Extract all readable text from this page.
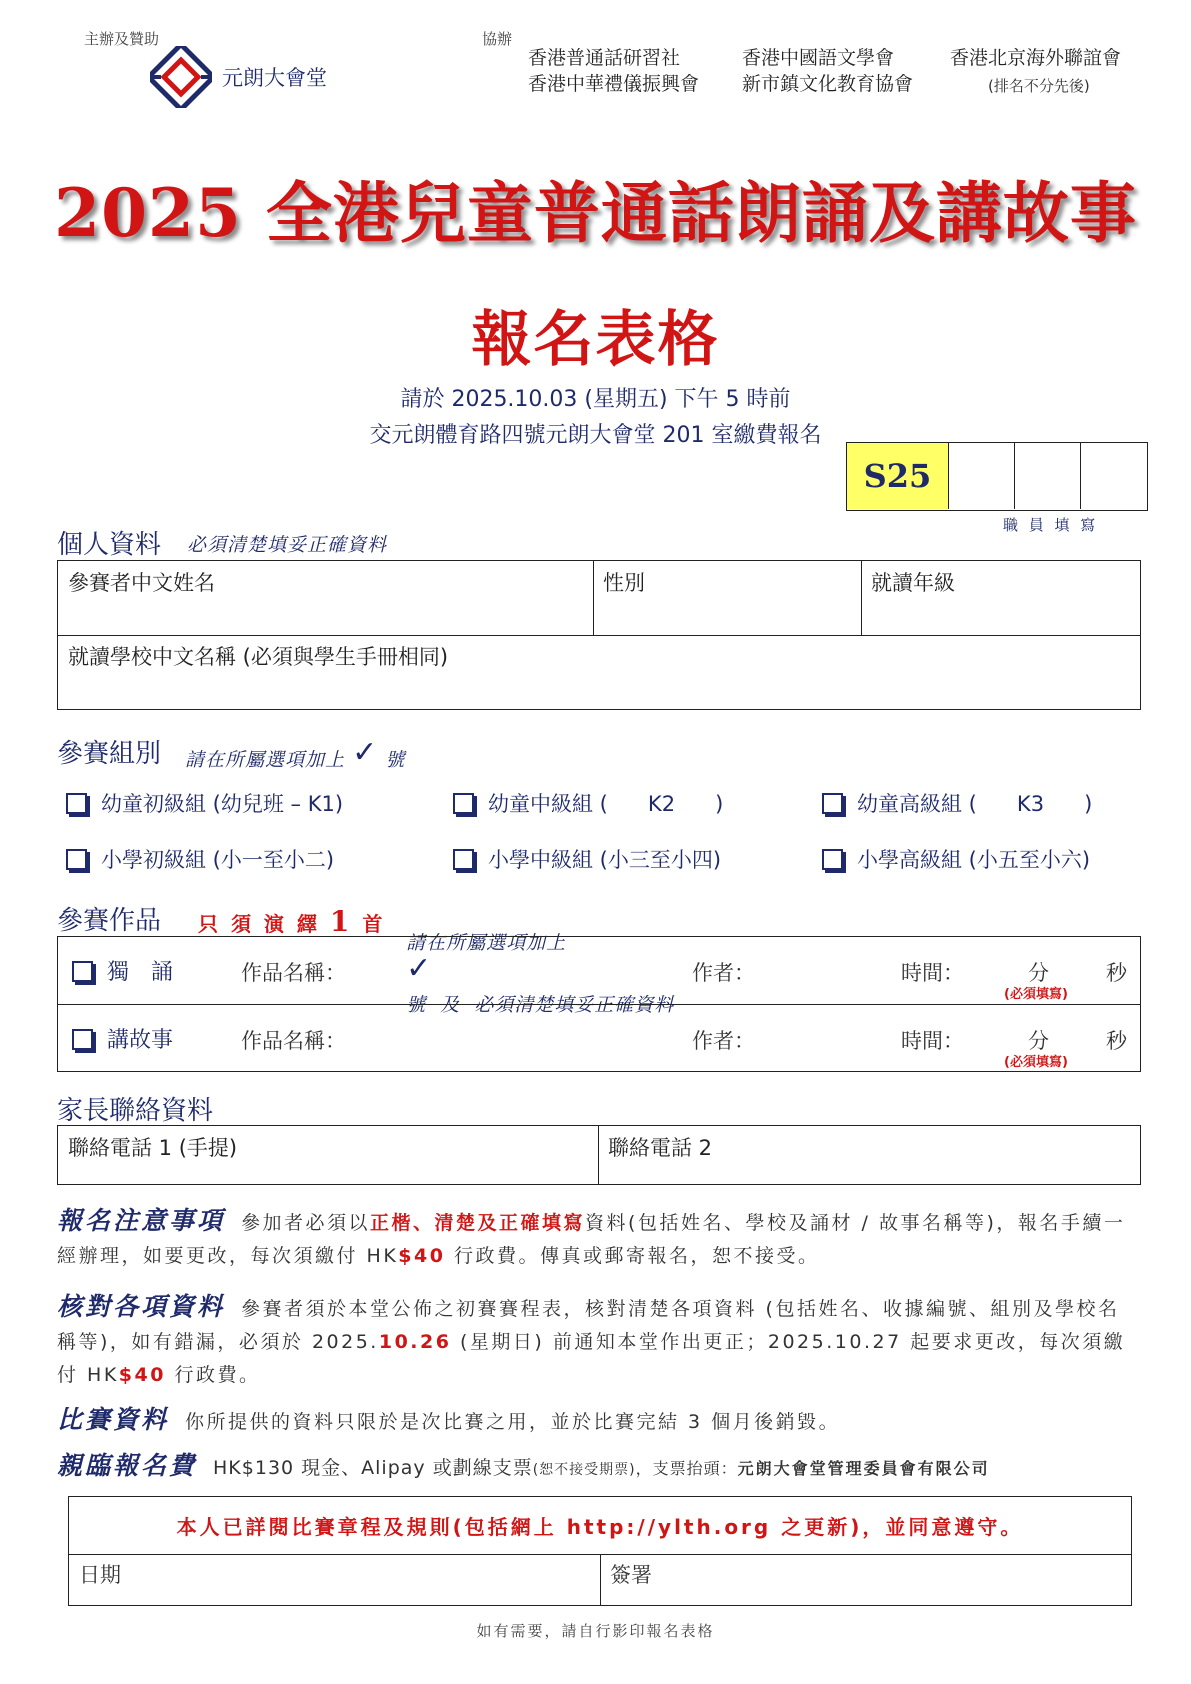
主辦及贊助
元朗大會堂
協辦
香港普通話研習社	香港中國語文學會	香港北京海外聯誼會
香港中華禮儀振興會 新市鎮文化教育協會	(排名不分先後)
2025 全港兒童普通話朗誦及講故事
報名表格
請於 2025.10.03 (星期五) 下午 5 時前
交元朗體育路四號元朗大會堂 201 室繳費報名
S25
職 員 填 寫
個人資料 必須清楚填妥正確資料
參賽者中文姓名	性別	就讀年級
就讀學校中文名稱 (必須與學生手冊相同)
參賽組別 請在所屬選項加上 ✓ 號
幼童初級組 (幼兒班 – K1)	幼童中級組 (      K2      )	幼童高級組 (      K3      )
小學初級組 (小一至小二)	小學中級組 (小三至小四)	小學高級組 (小五至小六)
參賽作品 只 須 演 繹 1 首

請在所屬選項加上
✓
號  及  必須清楚填妥正確資料

獨　誦	作品名稱：	作者：	時間：	分	秒
(必須填寫)
講故事	作品名稱：	作者：	時間：	分	秒
(必須填寫)
家長聯絡資料
聯絡電話 1 (手提)	聯絡電話 2
報名注意事項 參加者必須以正楷、清楚及正確填寫資料(包括姓名、學校及誦材 / 故事名稱等)，報名手續一經辦理，如要更改，每次須繳付 HK$40 行政費。傳真或郵寄報名，恕不接受。
核對各項資料 參賽者須於本堂公佈之初賽賽程表，核對清楚各項資料 (包括姓名、收據編號、組別及學校名稱等)，如有錯漏，必須於 2025.10.26 (星期日) 前通知本堂作出更正；2025.10.27 起要求更改，每次須繳付 HK$40 行政費。
比賽資料 你所提供的資料只限於是次比賽之用，並於比賽完結 3 個月後銷毀。
親臨報名費 HK$130 現金、Alipay 或劃線支票(恕不接受期票)，支票抬頭：元朗大會堂管理委員會有限公司
本人已詳閱比賽章程及規則(包括網上 http://ylth.org 之更新)，並同意遵守。
日期	簽署
如有需要，請自行影印報名表格
